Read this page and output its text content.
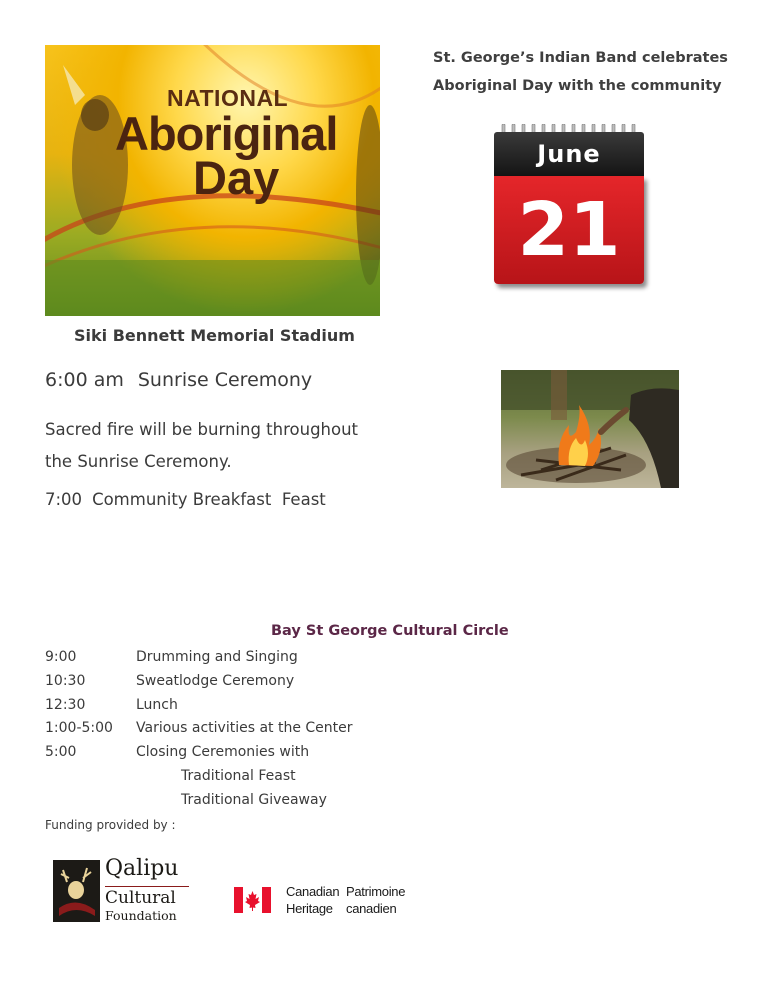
NATIONAL
Aboriginal
Day
St. George’s Indian Band celebrates
Aboriginal Day with the community
June
21
Siki Bennett Memorial Stadium
6:00 am Sunrise Ceremony
Sacred fire will be burning throughout
the Sunrise Ceremony.
7:00 Community Breakfast  Feast
Bay St George Cultural Circle
9:00	Drumming and Singing
10:30	Sweatlodge Ceremony
12:30	Lunch
1:00-5:00	Various activities at the Center
5:00	Closing Ceremonies with
Traditional Feast
Traditional Giveaway
Funding provided by :
Qalipu
Cultural
Foundation
Canadian
Heritage
Patrimoine
canadien
